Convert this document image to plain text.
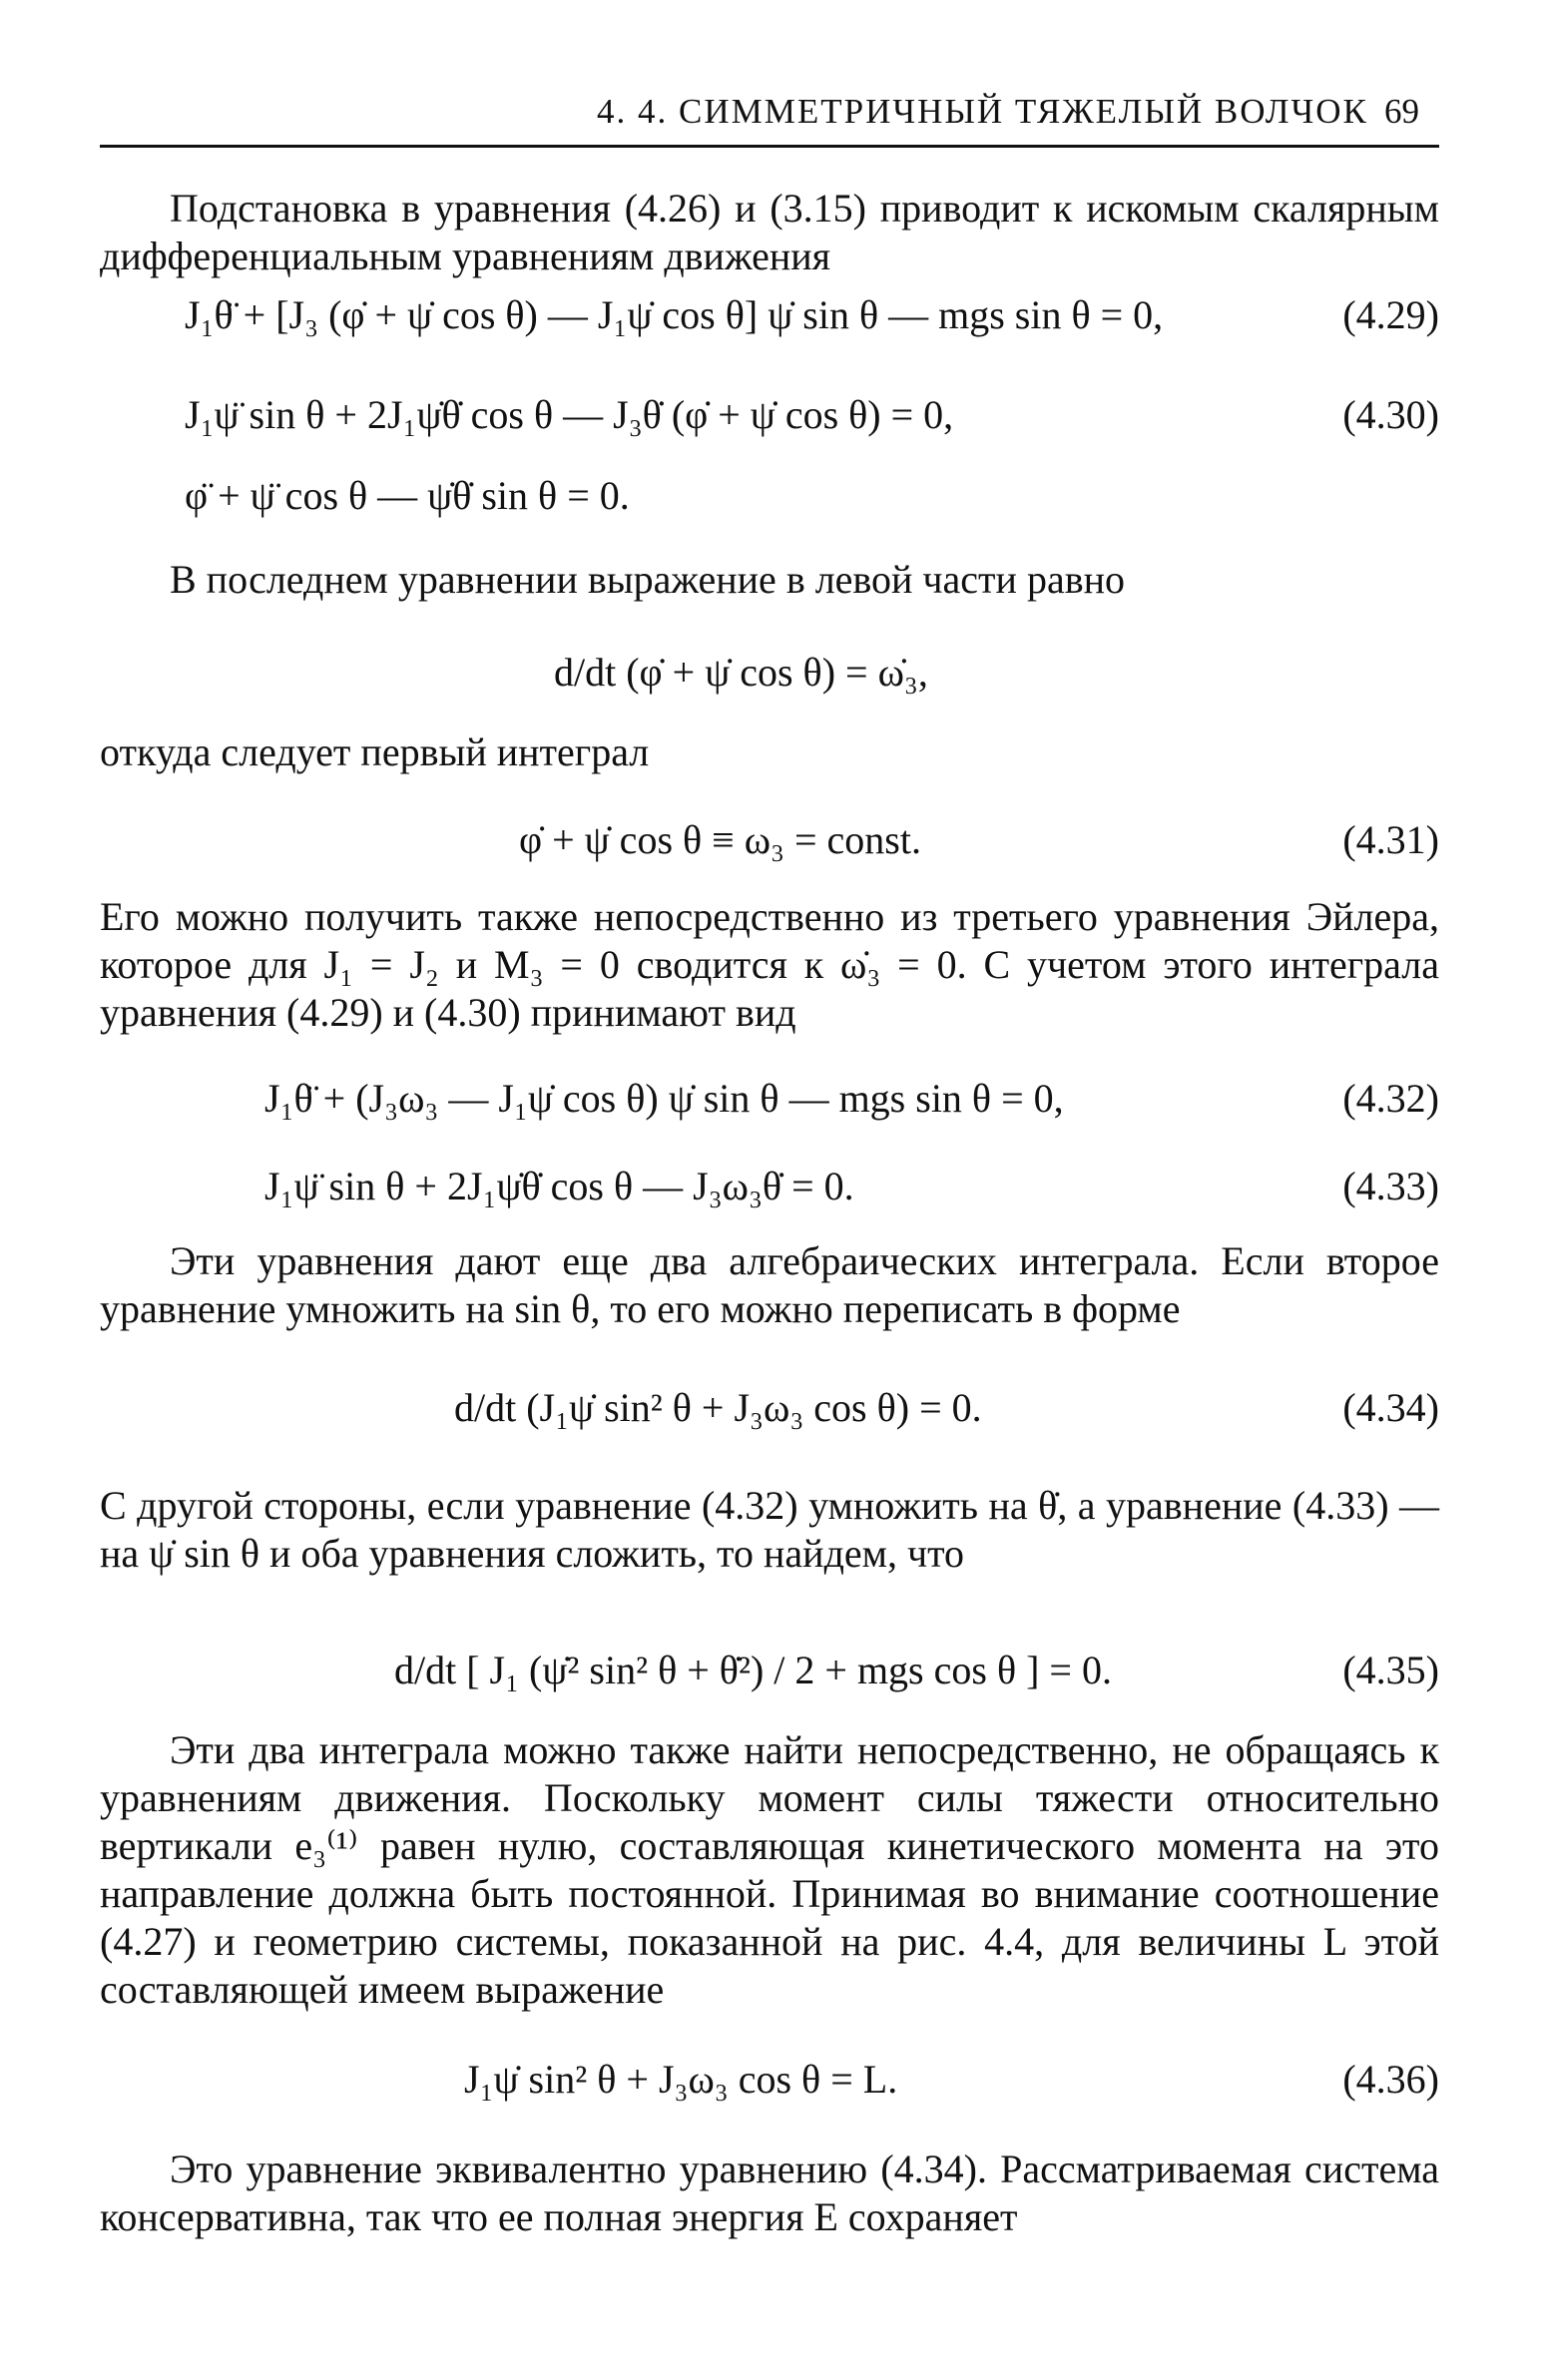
4. 4. СИММЕТРИЧНЫЙ ТЯЖЕЛЫЙ ВОЛЧОК 69
Подстановка в уравнения (4.26) и (3.15) приводит к искомым скалярным дифференциальным уравнениям движения
J₁θ̈ + [J₃ (φ̇ + ψ̇ cos θ) — J₁ψ̇ cos θ] ψ̇ sin θ — mgs sin θ = 0,	(4.29)
J₁ψ̈ sin θ + 2J₁ψ̇θ̇ cos θ — J₃θ̇ (φ̇ + ψ̇ cos θ) = 0,	(4.30)
φ̈ + ψ̈ cos θ — ψ̇θ̇ sin θ = 0.
В последнем уравнении выражение в левой части равно
d/dt (φ̇ + ψ̇ cos θ) = ω̇₃,
откуда следует первый интеграл
φ̇ + ψ̇ cos θ ≡ ω₃ = const.	(4.31)
Его можно получить также непосредственно из третьего уравнения Эйлера, которое для J₁ = J₂ и M₃ = 0 сводится к ω̇₃ = 0. С учетом этого интеграла уравнения (4.29) и (4.30) принимают вид
J₁θ̈ + (J₃ω₃ — J₁ψ̇ cos θ) ψ̇ sin θ — mgs sin θ = 0,	(4.32)
J₁ψ̈ sin θ + 2J₁ψ̇θ̇ cos θ — J₃ω₃θ̇ = 0.	(4.33)
Эти уравнения дают еще два алгебраических интеграла. Если второе уравнение умножить на sin θ, то его можно переписать в форме
d/dt (J₁ψ̇ sin² θ + J₃ω₃ cos θ) = 0.	(4.34)
С другой стороны, если уравнение (4.32) умножить на θ̇, а уравнение (4.33) — на ψ̇ sin θ и оба уравнения сложить, то найдем, что
d/dt [ J₁ (ψ̇² sin² θ + θ̇²) / 2 + mgs cos θ ] = 0.	(4.35)
Эти два интеграла можно также найти непосредственно, не обращаясь к уравнениям движения. Поскольку момент силы тяжести относительно вертикали e₃⁽¹⁾ равен нулю, составляющая кинетического момента на это направление должна быть постоянной. Принимая во внимание соотношение (4.27) и геометрию системы, показанной на рис. 4.4, для величины L этой составляющей имеем выражение
J₁ψ̇ sin² θ + J₃ω₃ cos θ = L.	(4.36)
Это уравнение эквивалентно уравнению (4.34). Рассматриваемая система консервативна, так что ее полная энергия E сохраняет
